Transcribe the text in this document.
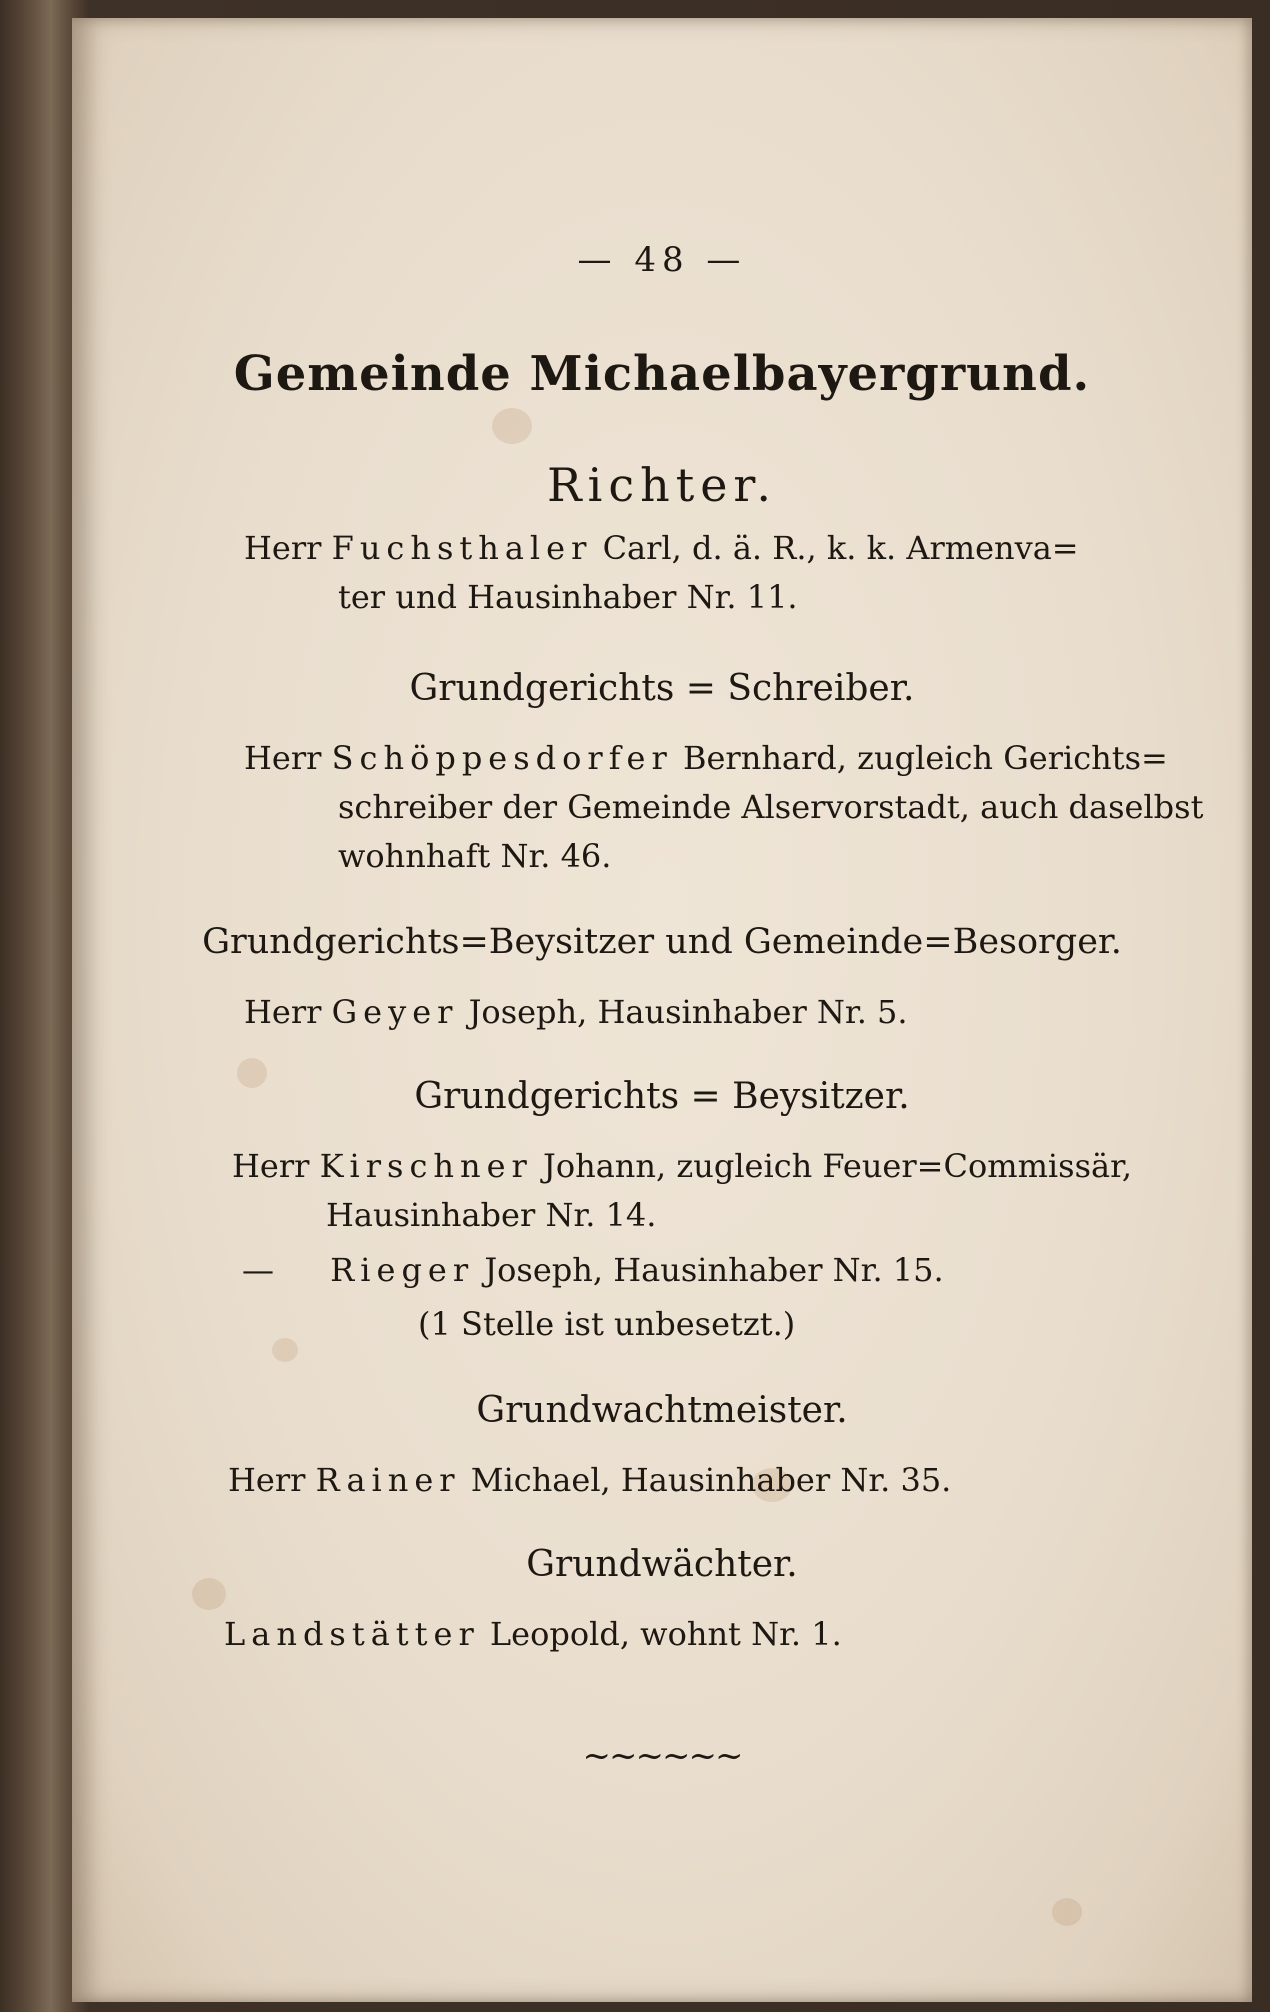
— 48 —
Gemeinde Michaelbayergrund.
Richter.
Herr Fuchsthaler Carl, d. ä. R., k. k. Armenva=
ter und Hausinhaber Nr. 11.
Grundgerichts = Schreiber.
Herr Schöppesdorfer Bernhard, zugleich Gerichts=
schreiber der Gemeinde Alservorstadt, auch daselbst
wohnhaft Nr. 46.
Grundgerichts=Beysitzer und Gemeinde=Besorger.
Herr Geyer Joseph, Hausinhaber Nr. 5.
Grundgerichts = Beysitzer.
Herr Kirschner Johann, zugleich Feuer=Commissär,
Hausinhaber Nr. 14.
— Rieger Joseph, Hausinhaber Nr. 15.
(1 Stelle ist unbesetzt.)
Grundwachtmeister.
Herr Rainer Michael, Hausinhaber Nr. 35.
Grundwächter.
Landstätter Leopold, wohnt Nr. 1.
~~~~~~
